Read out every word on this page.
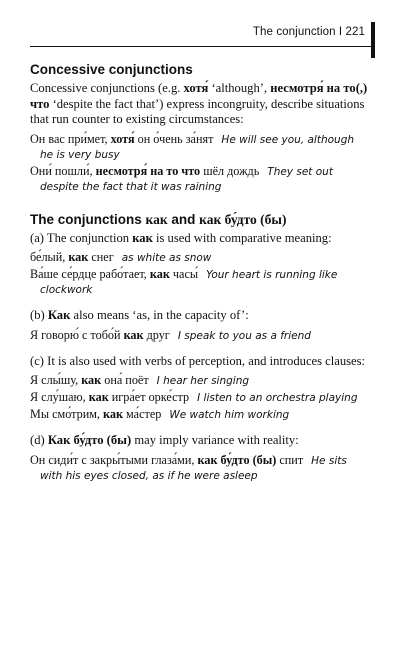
The conjunction I 221
Concessive conjunctions

Concessive conjunctions (e.g. хотя́ ‘although’, несмотря́ на то(,) что ‘despite the fact that’) express incongruity, describe situations that run counter to existing circumstances:

Он вас при́мет, хотя́ он о́чень за́нят He will see you, although
he is very busy
Они́ пошли́, несмотря́ на то что шёл дождь They set out
despite the fact that it was raining
The conjunctions как and как бу́дто (бы)

(a) The conjunction как is used with comparative meaning:

бе́лый, как снег as white as snow
Ва́ше се́рдце рабо́тает, как часы́ Your heart is running like
clockwork

(b) Как also means ‘as, in the capacity of’:

Я говорю́ с тобо́й как друг I speak to you as a friend

(c) It is also used with verbs of perception, and introduces clauses:

Я слы́шу, как она́ поёт I hear her singing
Я слу́шаю, как игра́ет орке́стр I listen to an orchestra playing
Мы смо́трим, как ма́стер We watch him working

(d) Как бу́дто (бы) may imply variance with reality:

Он сиди́т с закры́тыми глаза́ми, как бу́дто (бы) спит He sits
with his eyes closed, as if he were asleep
